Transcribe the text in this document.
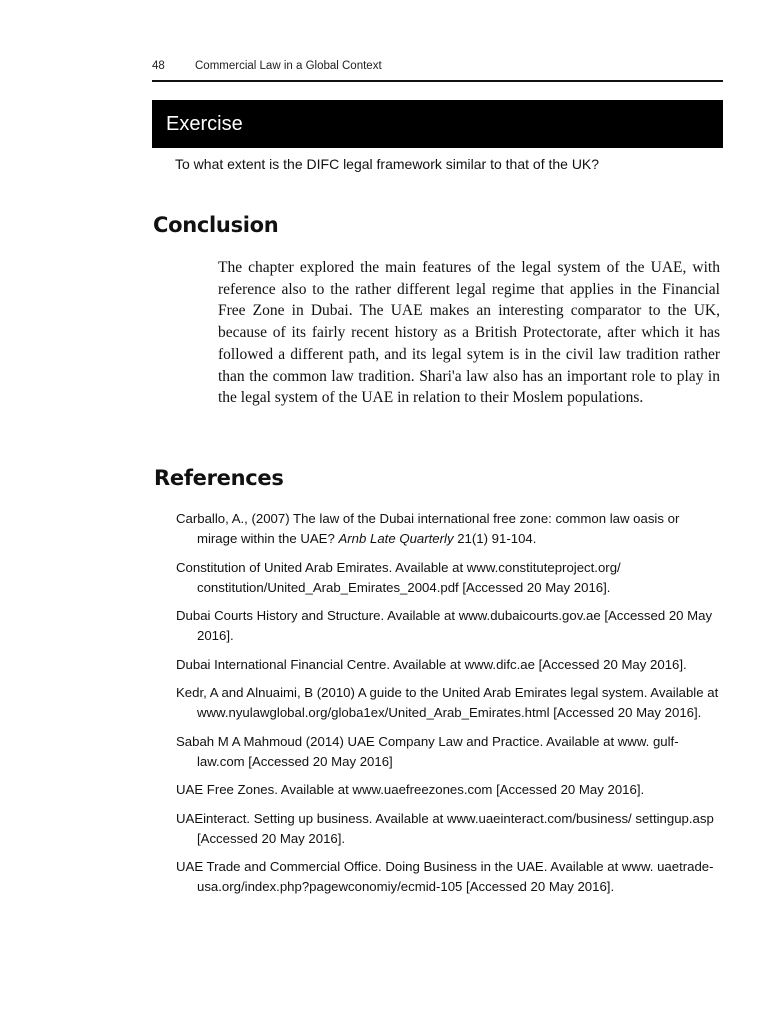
48	Commercial Law in a Global Context
Exercise
To what extent is the DIFC legal framework similar to that of the UK?
Conclusion

The chapter explored the main features of the legal system of the UAE, with reference also to the rather different legal regime that applies in the Financial Free Zone in Dubai. The UAE makes an interesting comparator to the UK, because of its fairly recent history as a British Protectorate, after which it has followed a different path, and its legal sytem is in the civil law tradition rather than the common law tradition. Shari'a law also has an important role to play in the legal system of the UAE in relation to their Moslem populations.

References
Carballo, A., (2007) The law of the Dubai international free zone: common law oasis or mirage within the UAE? Arnb Late Quarterly 21(1) 91-104.
Constitution of United Arab Emirates. Available at www.constituteproject.org/ constitution/United_Arab_Emirates_2004.pdf [Accessed 20 May 2016].
Dubai Courts History and Structure. Available at www.dubaicourts.gov.ae [Accessed 20 May 2016].
Dubai International Financial Centre. Available at www.difc.ae [Accessed 20 May 2016].
Kedr, A and Alnuaimi, B (2010) A guide to the United Arab Emirates legal system. Available at www.nyulawglobal.org/globa1ex/United_Arab_Emirates.html [Accessed 20 May 2016].
Sabah M A Mahmoud (2014) UAE Company Law and Practice. Available at www. gulf-law.com [Accessed 20 May 2016]
UAE Free Zones. Available at www.uaefreezones.com [Accessed 20 May 2016].
UAEinteract. Setting up business. Available at www.uaeinteract.com/business/ settingup.asp [Accessed 20 May 2016].
UAE Trade and Commercial Office. Doing Business in the UAE. Available at www. uaetrade-usa.org/index.php?pagewconomiy/ecmid-105 [Accessed 20 May 2016].
